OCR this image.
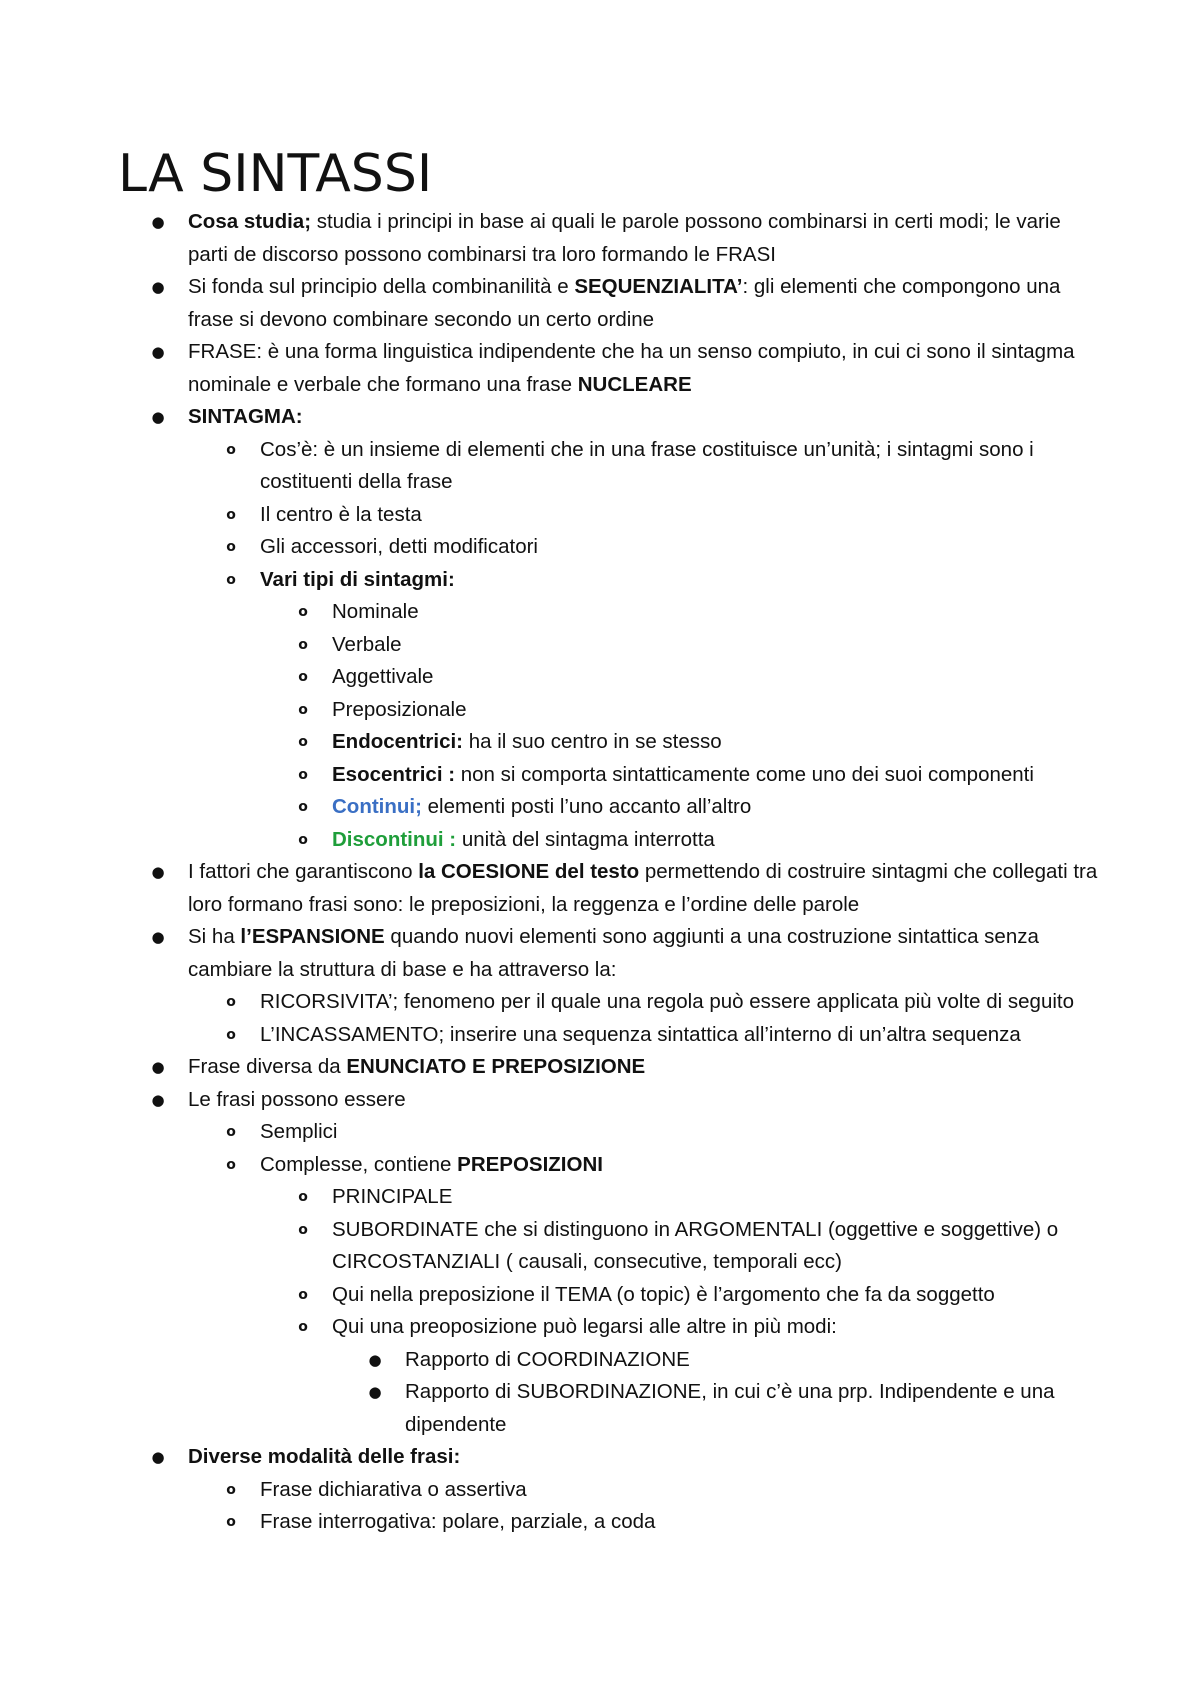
LA SINTASSI
● Cosa studia; studia i principi in base ai quali le parole possono combinarsi in certi modi; le varie parti de discorso possono combinarsi tra loro formando le FRASI
● Si fonda sul principio della combinanilità e SEQUENZIALITA’: gli elementi che compongono una frase si devono combinare secondo un certo ordine
● FRASE: è una forma linguistica indipendente che ha un senso compiuto, in cui ci sono il sintagma nominale e verbale che formano una frase NUCLEARE
● SINTAGMA:
o Cos’è: è un insieme di elementi che in una frase costituisce un’unità; i sintagmi sono i costituenti della frase
o Il centro è la testa
o Gli accessori, detti modificatori
o Vari tipi di sintagmi:
o Nominale
o Verbale
o Aggettivale
o Preposizionale
o Endocentrici: ha il suo centro in se stesso
o Esocentrici : non si comporta sintatticamente come uno dei suoi componenti
o Continui; elementi posti l’uno accanto all’altro
o Discontinui : unità del sintagma interrotta
● I fattori che garantiscono la COESIONE del testo permettendo di costruire sintagmi che collegati tra loro formano frasi sono: le preposizioni, la reggenza e l’ordine delle parole
● Si ha l’ESPANSIONE quando nuovi elementi sono aggiunti a una costruzione sintattica senza cambiare la struttura di base e ha attraverso la:
o RICORSIVITA’; fenomeno per il quale una regola può essere applicata più volte di seguito
o L’INCASSAMENTO; inserire una sequenza sintattica all’interno di un’altra sequenza
● Frase diversa da ENUNCIATO E PREPOSIZIONE
● Le frasi possono essere
o Semplici
o Complesse, contiene PREPOSIZIONI
o PRINCIPALE
o SUBORDINATE che si distinguono in ARGOMENTALI (oggettive e soggettive) o CIRCOSTANZIALI ( causali, consecutive, temporali ecc)
o Qui nella preposizione il TEMA (o topic) è l’argomento che fa da soggetto
o Qui una preoposizione può legarsi alle altre in più modi:
● Rapporto di COORDINAZIONE
● Rapporto di SUBORDINAZIONE, in cui c’è una prp. Indipendente e una dipendente
● Diverse modalità delle frasi:
o Frase dichiarativa o assertiva
o Frase interrogativa: polare, parziale, a coda
